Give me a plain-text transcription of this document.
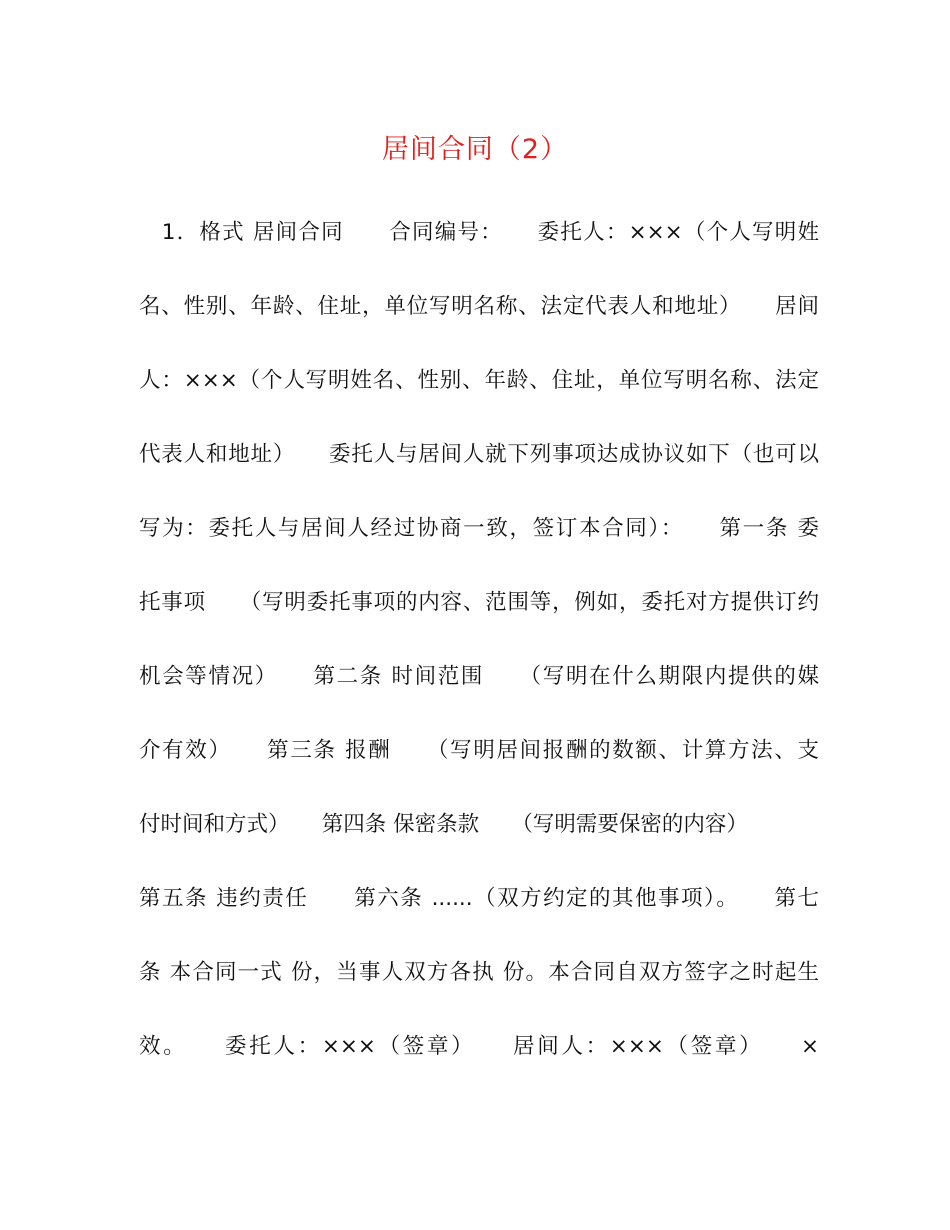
居间合同（2）
　1．格式 居间合同　　合同编号：　　委托人：×××（个人写明姓
名、性别、年龄、住址，单位写明名称、法定代表人和地址）　　居间
人：×××（个人写明姓名、性别、年龄、住址，单位写明名称、法定
代表人和地址）　　委托人与居间人就下列事项达成协议如下（也可以
写为：委托人与居间人经过协商一致，签订本合同）：　　第一条 委
托事项　　（写明委托事项的内容、范围等，例如，委托对方提供订约
机会等情况）　　第二条 时间范围　　（写明在什么期限内提供的媒
介有效）　　第三条 报酬　　（写明居间报酬的数额、计算方法、支
付时间和方式）　　第四条 保密条款　　（写明需要保密的内容）
第五条 违约责任　　第六条 ......（双方约定的其他事项）。　　第七
条 本合同一式 份，当事人双方各执 份。本合同自双方签字之时起生
效。　　委托人：×××（签章）　　居间人：×××（签章）　　×
